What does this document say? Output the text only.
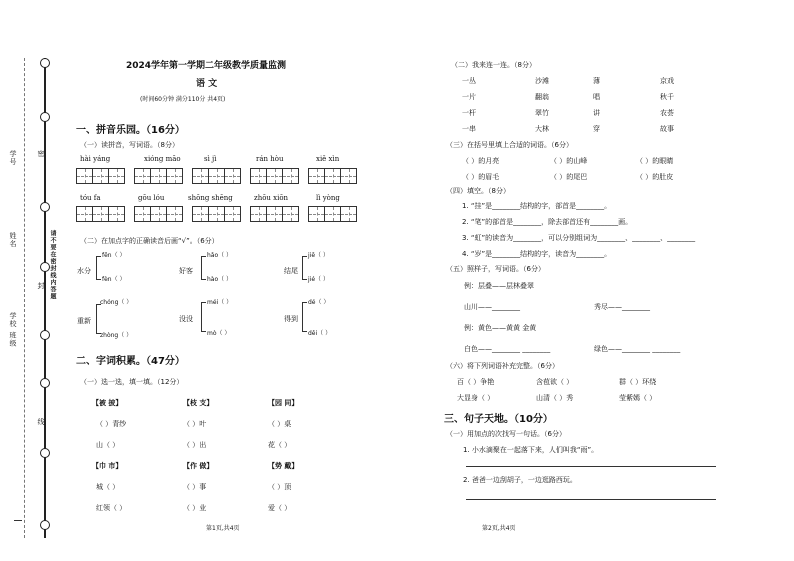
学号
姓名
学校 班级
请不要在密封线内答题
密
封
线
2024学年第一学期二年级教学质量监测
语 文
(时间60分钟 满分110分 共4页)
一、拼音乐园。（16分）
（一）读拼音，写词语。（8分）
hài yáng	xióng māo	sì jì	rán hòu	xiě xìn
tóu fa	gōu lóu	shōng shēng	zhōu xiōn	lì yòng
（二）在加点字的正确读音后画“√”。（6分）
水分
fēn（ ）
fèn（ ）
好客
hǎo（ ）
hào（ ）
结尾
jiē（ ）
jié（ ）
重新
chóng（ ）
zhòng（ ）
没没
méi（ ）
mò（ ）
得到
dé（ ）
děi（ ）
二、字词积累。（47分）
（一）选一选，填一填。（12分）
【被 披】
（ ）青纱
山（ ）
【枝 支】
（ ）叶
（ ）出
【园 同】
（ ）桌
花（ ）
【巾 市】
城（ ）
红领（ ）
【作 做】
（ ）事
（ ）业
【势 戴】
（ ）顶
爱（ ）
第1页,共4页
（二）我来连一连。（8分）
一丛	沙滩	薄	京戏
一片	翻翁	唱	秋千
一杆	翠竹	讲	农荟
一串	大林	穿	故事
（三）在括号里填上合适的词语。（6分）
（ ）的月亮	（ ）的山峰	（ ）的眼睛
（ ）的眉毛	（ ）的尾巴	（ ）的肚皮
（四）填空。（8分）
1. “挂”是________结构的字，部首是________。
2. “笔”的部首是________，除去部首还有________画。
3. “虹”的读音为________，可以分别组词为________、________、________
4. “岁”是________结构的字，读音为________。
（五）照样子，写词语。（6分）
例：层叠——层林叠翠
山川——________	秀尽——________
例：黄色——黄黄 金黄
白色——________ ________	绿色——________ ________
（六）将下列词语补充完整。（6分）
百（ ）争艳	含苞欲（ ）	群（ ）环绕
大显身（ ）	山清（ ）秀	莹紫嫣（ ）
三、句子天地。（10分）
（一）用加点的次找写一句话。（6分）
1. 小水滴聚在一起落下来，人们叫我“雨”。
2. 爸爸一边刮胡子，一边逛路西玩。
第2页,共4页
